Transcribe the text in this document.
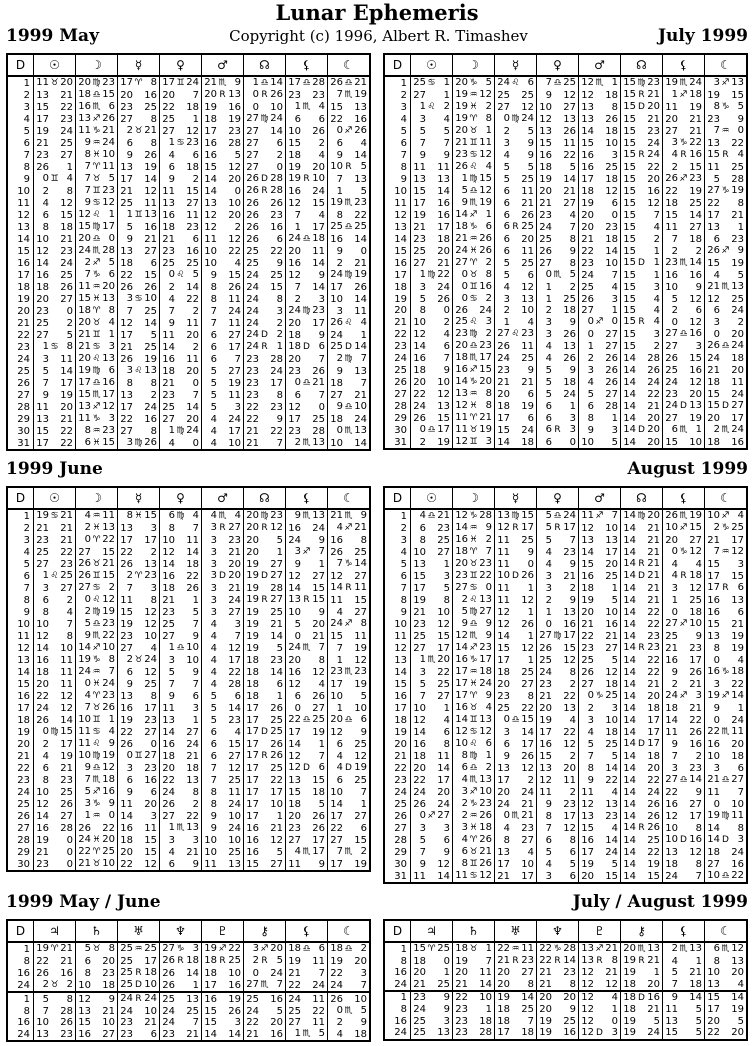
Lunar Ephemeris
1999 May	Copyright (c) 1996, Albert R. Timashev	July 1999
D	☉	☽	☿	♀	♂	☊	⚸	☾
1	11♉ 20	20♍ 23	17♈ 8	17♊ 24	21♏ 9	1♎ 14	17♎ 28	26♎ 21
2	13 21	18♎ 15	20 16	20 7	20 R 13	0 R 26	23 23	7♏ 19
3	15 22	16♏ 6	23 25	22 18	19 16	0 10	1♏ 4	15 13
4	17 23	13♐ 26	27 8	25 1	18 19	27♍ 24	6 6	22 16
5	19 24	11♑ 21	2♉ 21	27 12	17 23	27 14	10 26	0♐ 26
6	21 25	9♒ 24	6 8	1♋ 23	16 28	27 6	15 2	6 4
7	23 27	8♓ 10	9 26	4 6	16 5	27 2	18 4	9 14
8	26 1	7♈ 11	13 19	6 18	15 12	27 0	19 20	10 R 5
9	0♊ 4	7♉ 5	17 14	9 2	14 20	26 D 28	19 R 10	7 13
10	2 8	7♊ 23	21 12	11 15	14 0	26 R 28	16 24	1 5
11	4 12	9♋ 12	25 11	13 27	13 10	26 26	12 15	19♏ 23
12	6 15	12♌ 1	1♊ 13	16 11	12 20	26 23	7 4	8 22
13	8 18	15♍ 17	5 16	18 23	12 2	26 16	1 17	25♎ 25
14	10 21	20♎ 0	9 21	21 6	11 12	26 6	24♎ 18	16 14
15	12 23	24♏ 28	13 27	23 16	10 22	25 22	20 11	9 0
16	14 24	2♐ 5	18 6	25 25	10 4	25 9	16 14	2 21
17	16 25	7♑ 6	22 15	0♌ 5	9 15	24 25	12 9	24♍ 19
18	18 26	11♒ 20	26 26	2 14	8 26	24 15	7 14	17 26
19	20 27	15♓ 13	3♋ 10	4 22	8 11	24 8	2 3	10 14
20	23 0	18♈ 8	7 25	7 2	7 24	24 3	24♍ 23	3 11
21	25 2	20♉ 4	12 14	9 11	7 11	24 2	20 17	26♌ 4
22	27 5	21♊ 1	17 5	11 20	6 27	24 D 2	18 9	24 1
23	1♋ 8	21♋ 3	21 25	14 2	6 17	24 R 1	18 D 6	25 D 14
24	3 11	20♌ 13	26 19	16 11	6 7	23 28	20 7	2♍ 7
25	5 14	19♍ 6	3♌ 13	18 20	5 27	23 24	23 26	9 13
26	7 17	17♎ 16	8 8	21 0	5 19	23 17	0♎ 21	18 7
27	9 19	15♏ 17	13 2	23 7	5 11	23 8	6 7	27 21
28	11 20	13♐ 12	17 24	25 14	5 3	22 23	12 0	9♎ 10
29	13 21	11♑ 3	22 16	27 20	4 24	22 9	17 25	18 24
30	15 22	8♒ 23	27 8	1♍ 24	4 17	21 22	23 28	0♏ 13
31	17 22	6♓ 15	3♍ 26	4 0	4 10	21 7	2♏ 13	10 14
D	☉	☽	☿	♀	♂	☊	⚸	☾
1	25♋ 1	20♑ 5	24♌ 6	7♎ 25	12♏ 1	15♍ 23	19♏ 24	3♐ 13
2	27 1	19♒ 12	25 25	9 12	12 18	15 R 21	1♐ 18	19 15
3	1♌ 2	19♓ 2	27 12	10 27	13 8	15 D 20	11 19	8♑ 5
4	3 4	19♈ 8	0♍ 24	12 13	13 26	15 21	20 21	23 9
5	5 5	20♉ 1	2 5	13 26	14 18	15 23	27 21	7♒ 0
6	7 7	21♊ 11	3 9	15 11	15 10	15 24	3♑ 22	13 22
7	9 9	23♋ 12	4 9	16 22	16 3	15 R 24	4 R 16	15 R 4
8	11 11	26♌ 4	5 5	18 5	16 25	15 22	2 15	11 25
9	13 13	1♍ 15	5 25	19 14	17 18	15 20	26♐ 23	5 28
10	15 14	5♎ 12	6 11	20 21	18 12	15 16	22 19	27♑ 19
11	17 16	9♏ 19	6 21	21 27	19 6	15 12	18 25	22 8
12	19 16	14♐ 1	6 26	23 4	20 0	15 7	15 14	17 21
13	21 17	18♑ 6	6 R 25	24 7	20 23	15 4	11 27	13 1
14	23 18	21♒ 26	6 20	25 8	21 18	15 2	7 18	6 23
15	25 20	24♓ 26	6 11	26 9	22 14	15 1	2 2	26♐ 9
16	27 21	27♈ 2	5 25	27 8	23 10	15 D 1	23♏ 14	15 19
17	1♍ 22	0♉ 8	5 6	0♏ 5	24 7	15 1	16 16	4 5
18	3 24	0♊ 16	4 12	1 2	25 4	15 3	10 9	21♏ 13
19	5 26	0♋ 2	3 13	1 25	26 3	15 4	5 12	12 25
20	8 0	26 24	2 10	2 18	27 1	15 4	2 6	6 24
21	10 2	25♌ 3	1 4	3 9	0♐ 0	15 R 4	0 12	3 2
22	12 4	23♍ 2	27♌ 23	3 26	0 27	15 3	27♎ 16	0 20
23	14 6	20♎ 23	26 11	4 13	1 27	15 2	27 3	26♎ 24
24	16 7	18♏ 17	24 25	4 26	2 26	14 28	26 15	24 18
25	18 9	16♐ 15	23 9	5 9	3 26	14 26	25 16	21 20
26	20 10	14♑ 20	21 21	5 18	4 26	14 24	24 12	18 11
27	22 12	13♒ 8	20 6	5 24	5 27	14 22	23 20	15 24
28	24 13	12♓ 8	18 19	6 1	6 28	14 21	24 D 13	15 D 27
29	26 15	11♈ 21	17 6	6 3	8 1	14 20	27 19	20 17
30	0♎ 17	11♉ 19	15 24	6 R 3	9 3	14 D 20	6♏ 1	2♏ 24
31	2 19	12♊ 3	14 18	6 0	10 5	14 20	15 10	18 16
1999 June	August 1999
D	☉	☽	☿	♀	♂	☊	⚸	☾
1	19♋ 21	4♒ 11	8♓ 15	6♍ 4	4♏ 4	20♍ 23	9♏ 13	21♏ 9
2	21 21	2♓ 13	13 3	8 7	3 R 27	20 R 12	16 24	4♐ 21
3	23 21	0♈ 22	17 17	10 11	3 23	20 5	24 9	16 8
4	25 22	27 15	22 2	12 14	3 21	20 1	3♐ 7	26 25
5	27 23	26♉ 21	26 13	14 18	3 20	19 27	9 1	7♑ 14
6	1♌ 25	26♊ 15	2♈ 23	16 22	3 D 20	19 D 27	12 27	12 27
7	3 27	27♋ 2	7 3	18 26	3 21	19 28	14 15	14 R 11
8	6 2	0♌ 12	11 8	21 1	3 24	19 R 27	13 R 15	11 15
9	8 4	2♍ 19	15 12	23 5	3 27	19 25	10 9	4 27
10	10 7	5♎ 23	19 12	25 7	4 3	19 21	5 20	24♐ 8
11	12 8	9♏ 22	23 10	27 9	4 7	19 14	0 21	15 11
12	14 10	14♐ 10	27 4	1♎ 10	4 12	19 5	24♏ 7	7 19
13	16 11	19♑ 8	2♉ 24	3 10	4 17	18 23	20 8	1 12
14	18 11	24♒ 7	6 12	5 9	4 22	18 14	16 12	23♏ 23
15	20 11	0♓ 24	9 25	7 7	4 28	18 6	12 4	17 19
16	22 12	4♈ 23	13 8	9 6	5 6	18 1	6 26	10 5
17	24 12	7♉ 26	16 17	11 3	5 14	17 26	0 27	1 10
18	26 14	10♊ 1	19 23	13 1	5 23	17 25	22♎ 25	20♎ 6
19	0♍ 15	11♋ 4	22 27	14 27	6 4	17 D 25	17 19	12 9
20	2 17	11♌ 9	26 0	16 24	6 15	17 26	14 1	6 25
21	4 19	10♍ 19	0♊ 27	18 21	6 27	17 R 26	12 7	4 12
22	6 21	9♎ 12	3 23	20 18	7 12	17 25	12 D 6	4 D 19
23	8 23	7♏ 18	6 16	22 13	7 25	17 22	13 15	6 25
24	10 25	5♐ 16	9 6	24 8	8 11	17 17	15 18	10 7
25	12 26	3♑ 9	11 20	26 2	8 24	17 10	18 5	14 1
26	14 27	1♒ 0	14 3	27 22	9 10	17 1	20 26	17 27
27	16 28	26 22	16 11	1♏ 13	9 24	16 21	23 26	22 6
28	19 0	24♓ 20	18 15	3 3	10 10	16 12	27 17	27 15
29	21 0	22♈ 25	20 15	4 21	10 25	16 5	4♏ 17	7♏ 2
30	23 0	21♉ 10	22 12	6 9	11 13	15 27	11 9	17 19
D	☉	☽	☿	♀	♂	☊	⚸	☾
1	4♎ 21	12♑ 28	13♍ 15	5♎ 24	11♐ 7	14♍ 20	26♏ 19	10♐ 4
2	6 23	14♒ 9	12 R 17	5 R 17	12 10	14 21	10♐ 15	2♑ 25
3	8 25	16♓ 2	11 25	5 7	13 13	14 21	20 27	21 17
4	10 27	18♈ 7	11 9	4 23	14 17	14 21	0♑ 12	7♒ 12
5	13 1	20♉ 23	11 0	4 9	15 20	14 R 21	4 4	15 3
6	15 3	23♊ 22	10 D 26	3 21	16 25	14 D 21	4 R 18	17 15
7	17 5	27♋ 0	11 1	3 2	18 1	14 21	3 12	17 R 6
8	19 8	2♌ 13	11 12	2 9	19 5	14 21	1 25	16 13
9	21 10	5♍ 27	12 1	1 13	20 10	14 22	0 18	16 6
10	23 12	9♎ 9	12 26	0 16	21 16	14 22	27♐ 10	15 21
11	25 15	12♏ 9	14 1	27♍ 17	22 21	14 23	25 9	13 19
12	27 17	14♐ 23	15 12	26 15	23 27	14 R 23	21 23	8 19
13	1♏ 20	16♑ 17	17 1	25 12	25 5	14 22	16 17	0 4
14	3 22	17♒ 18	18 25	24 8	26 12	14 22	9 26	16♑ 18
15	5 25	17♓ 24	20 27	23 2	27 18	14 21	2 21	3 22
16	7 27	17♈ 9	23 8	21 22	0♑ 25	14 20	24♐ 3	19♐ 14
17	10 1	16♉ 4	25 22	20 13	2 3	14 18	18 21	9 1
18	12 4	14♊ 13	0♎ 15	19 4	3 10	14 17	14 22	0 24
19	14 6	12♋ 12	3 14	17 22	4 18	14 17	11 26	22♏ 11
20	16 8	10♌ 6	6 17	16 12	5 25	14 D 17	9 16	16 20
21	18 11	8♍ 1	9 26	15 2	7 5	14 18	7 2	10 18
22	20 14	6♎ 2	13 12	13 20	8 14	14 20	3 23	3 6
23	22 17	4♏ 13	17 2	12 11	9 22	14 22	27♎ 14	21♎ 27
24	24 20	3♐ 10	20 24	11 2	11 4	14 24	22 9	11 7
25	26 24	2♑ 23	24 21	9 23	12 13	14 26	16 27	0 10
26	0♐ 27	2♒ 26	0♏ 21	8 17	13 23	14 26	12 17	19♍ 11
27	3 3	3♓ 18	4 23	7 12	15 4	14 R 26	10 8	14 8
28	5 6	4♈ 26	8 27	6 8	16 14	14 25	10 D 16	14 D 3
29	7 9	6♉ 21	13 4	5 6	17 24	14 22	13 12	18 24
30	9 12	8♊ 26	17 10	4 5	19 5	14 19	18 8	27 16
31	11 14	11♋ 12	21 17	3 6	20 15	14 15	24 7	10♎ 22
1999 May / June	July / August 1999
D	♃	♄	♅	♆	♇	⚷	⚸	☾
1	19♈ 21	5♉ 8	25♒ 25	27♑ 3	19♐ 22	3♐ 20	18♎ 6	18♎ 2
8	22 21	6 20	25 17	26 R 18	18 R 25	2 R 5	19 11	19 20
16	26 16	8 23	25 R 18	26 14	18 10	0 24	21 7	22 3
24	2♉ 2	10 18	25 D 10	26 1	17 16	27♏ 7	22 24	24 7
1	5 8	12 9	24 R 24	25 13	16 19	25 16	24 11	26 10
8	7 28	13 21	24 10	24 25	15 26	24 5	25 22	0♏ 5
16	10 26	15 10	23 21	24 7	15 3	22 20	27 11	2 9
24	13 23	16 27	23 6	23 21	14 14	21 16	1♏ 5	4 18
D	♃	♄	♅	♆	♇	⚷	⚸	☾
1	15♈ 25	18♉ 1	22♒ 11	22♑ 28	13♐ 21	20♏ 13	2♏ 13	6♏ 12
8	18 0	19 7	21 R 23	22 R 14	13 R 8	19 R 21	4 1	8 13
16	20 1	20 11	20 27	21 23	12 21	19 1	5 21	10 20
24	21 25	21 14	20 8	21 8	12 12	18 20	7 18	13 4
1	23 9	22 10	19 14	20 20	12 4	18 D 16	9 14	15 14
8	24 9	23 1	18 25	20 9	12 1	18 21	11 5	17 19
16	25 3	23 18	18 7	19 25	12 0	19 5	13 5	20 5
24	25 13	23 28	17 18	19 16	12 D 3	19 24	15 5	22 20
